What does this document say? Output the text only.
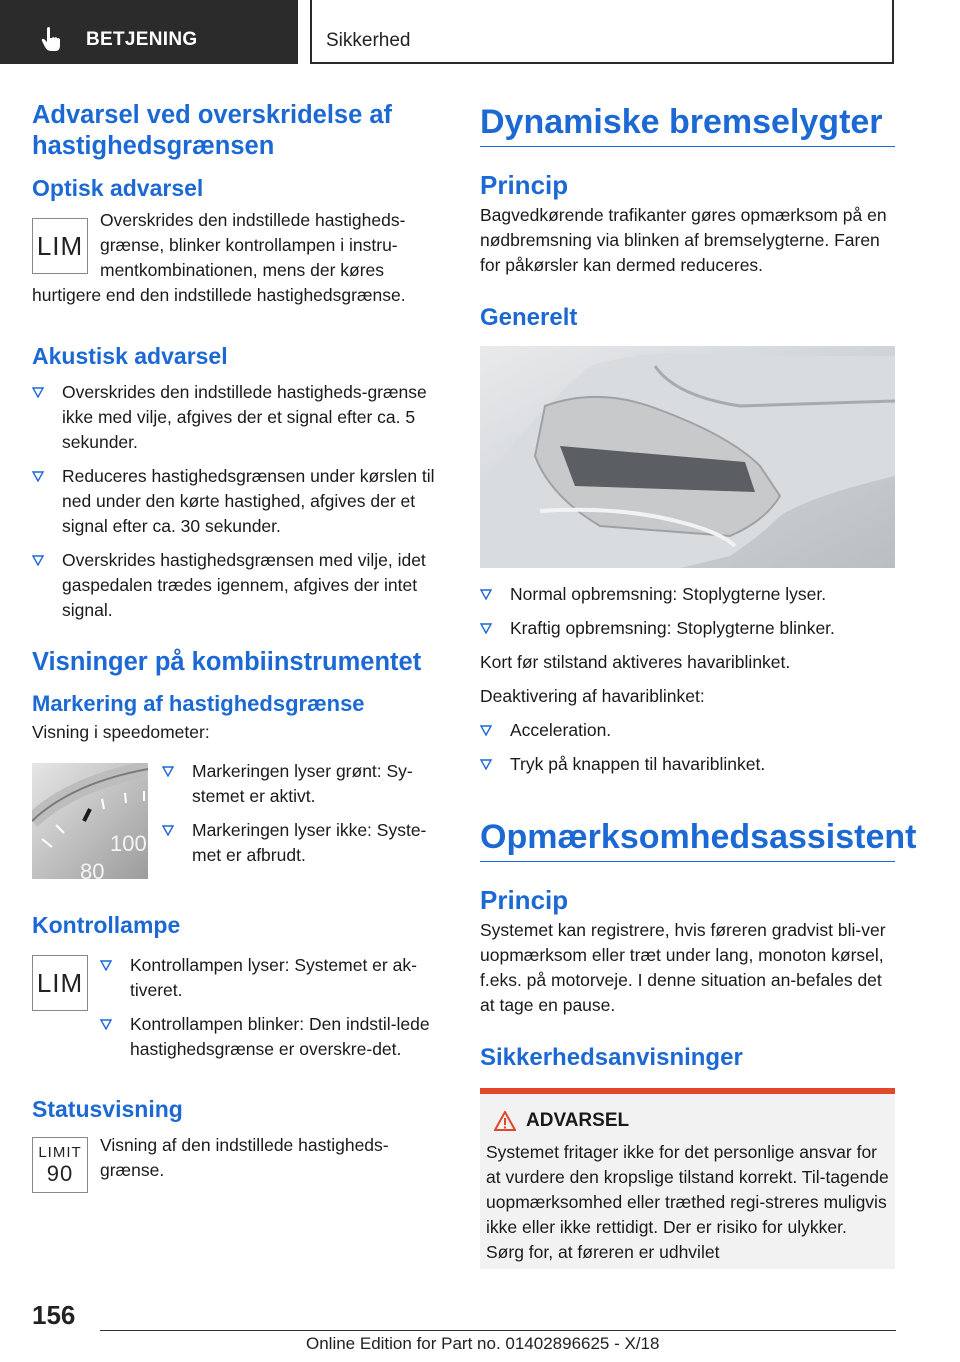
BETJENING	Sikkerhed
Advarsel ved overskridelse af hastighedsgrænsen
Optisk advarsel
LIM

Overskrides den indstillede hastigheds-grænse, blinker kontrollampen i instru-mentkombinationen, mens der køres hurtigere end den indstillede hastighedsgrænse.

Akustisk advarsel
Overskrides den indstillede hastigheds-grænse ikke med vilje, afgives der et signal efter ca. 5 sekunder.
Reduceres hastighedsgrænsen under kørslen til ned under den kørte hastighed, afgives der et signal efter ca. 30 sekunder.
Overskrides hastighedsgrænsen med vilje, idet gaspedalen trædes igennem, afgives der intet signal.
Visninger på kombiinstrumentet
Markering af hastighedsgrænse

Visning i speedometer:

100
80
Markeringen lyser grønt: Sy-stemet er aktivt.
Markeringen lyser ikke: Syste-met er afbrudt.
Kontrollampe
LIM
Kontrollampen lyser: Systemet er ak-tiveret.
Kontrollampen blinker: Den indstil-lede hastighedsgrænse er overskre-det.
Statusvisning
LIMIT
90

Visning af den indstillede hastigheds-grænse.

Dynamiske bremselygter
Princip

Bagvedkørende trafikanter gøres opmærksom på en nødbremsning via blinken af bremselygterne. Faren for påkørsler kan dermed reduceres.

Generelt
Normal opbremsning: Stoplygterne lyser.
Kraftig opbremsning: Stoplygterne blinker.

Kort før stilstand aktiveres havariblinket.

Deaktivering af havariblinket:

Acceleration.
Tryk på knappen til havariblinket.
Opmærksomhedsassistent
Princip

Systemet kan registrere, hvis føreren gradvist bli-ver uopmærksom eller træt under lang, monoton kørsel, f.eks. på motorveje. I denne situation an-befales det at tage en pause.

Sikkerhedsanvisninger
ADVARSEL

Systemet fritager ikke for det personlige ansvar for at vurdere den kropslige tilstand korrekt. Til-tagende uopmærksomhed eller træthed regi-streres muligvis ikke eller ikke rettidigt. Der er risiko for ulykker. Sørg for, at føreren er udhvilet

156
Online Edition for Part no. 01402896625 - X/18
